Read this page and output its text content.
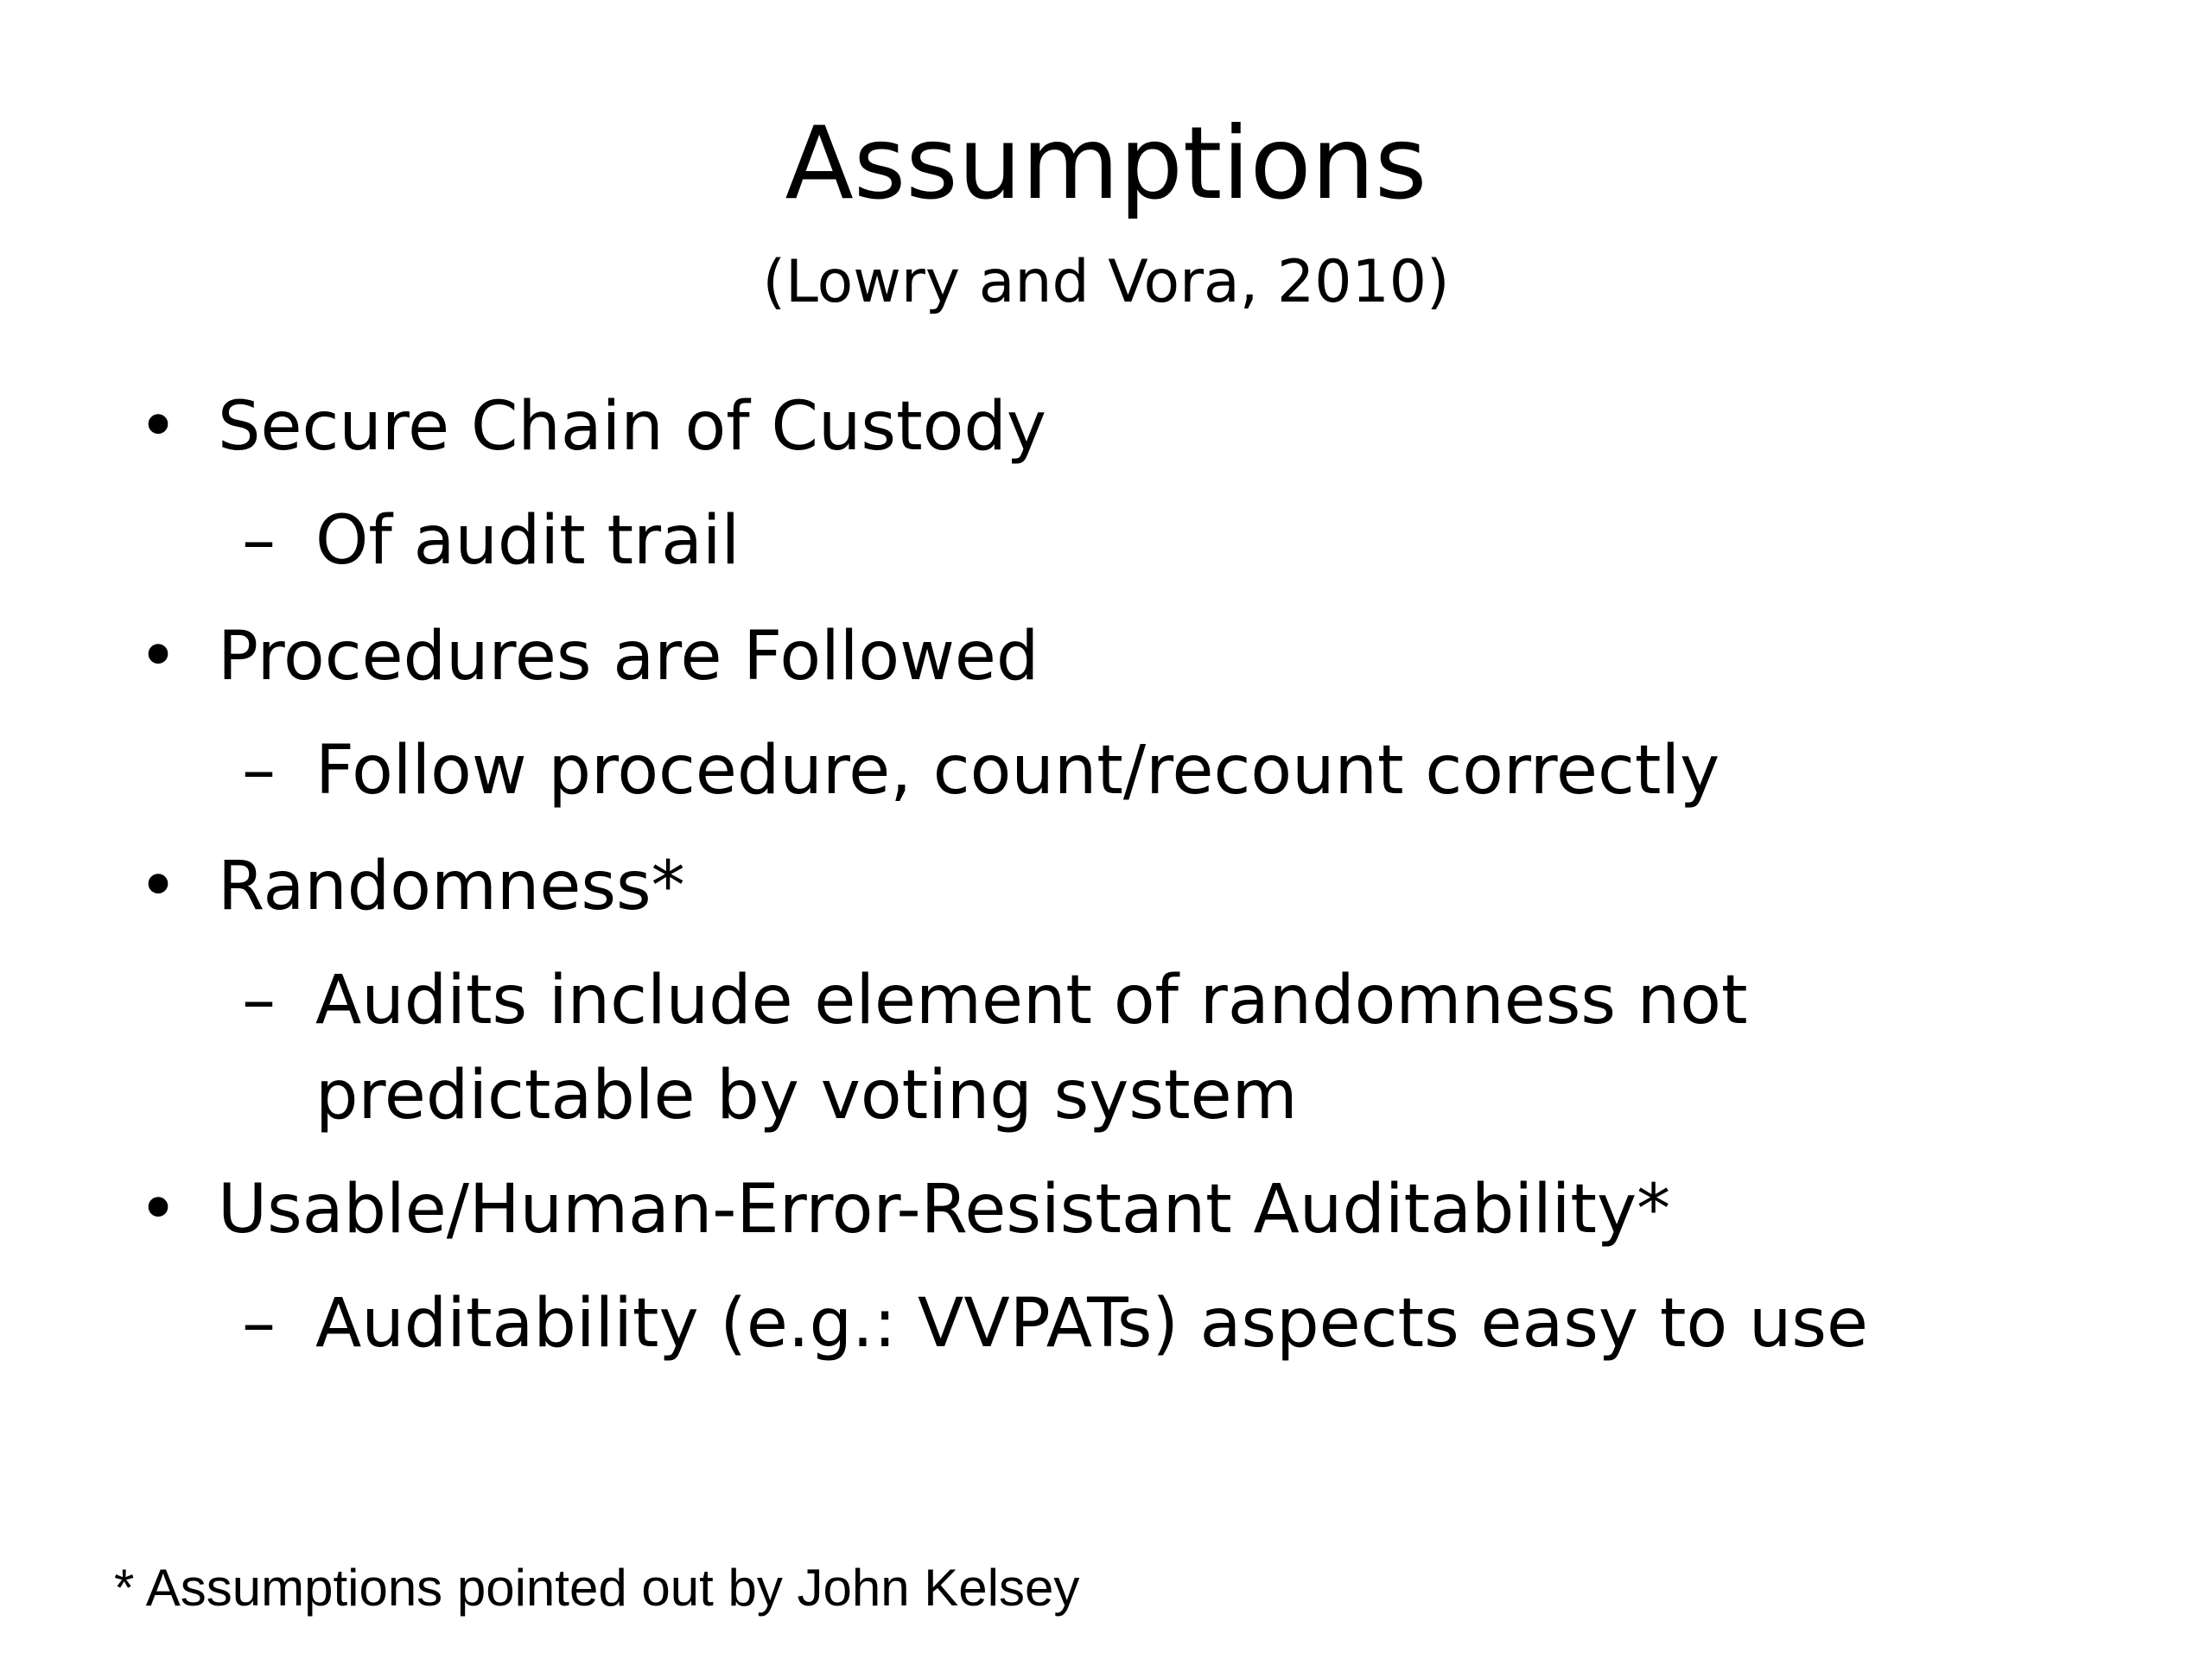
Assumptions
(Lowry and Vora, 2010)
• Secure Chain of Custody
– Of audit trail
• Procedures are Followed
– Follow procedure, count/recount correctly
• Randomness*
– Audits include element of randomness not
predictable by voting system
• Usable/Human-Error-Resistant Auditability*
– Auditability (e.g.: VVPATs) aspects easy to use
* Assumptions pointed out by John Kelsey
